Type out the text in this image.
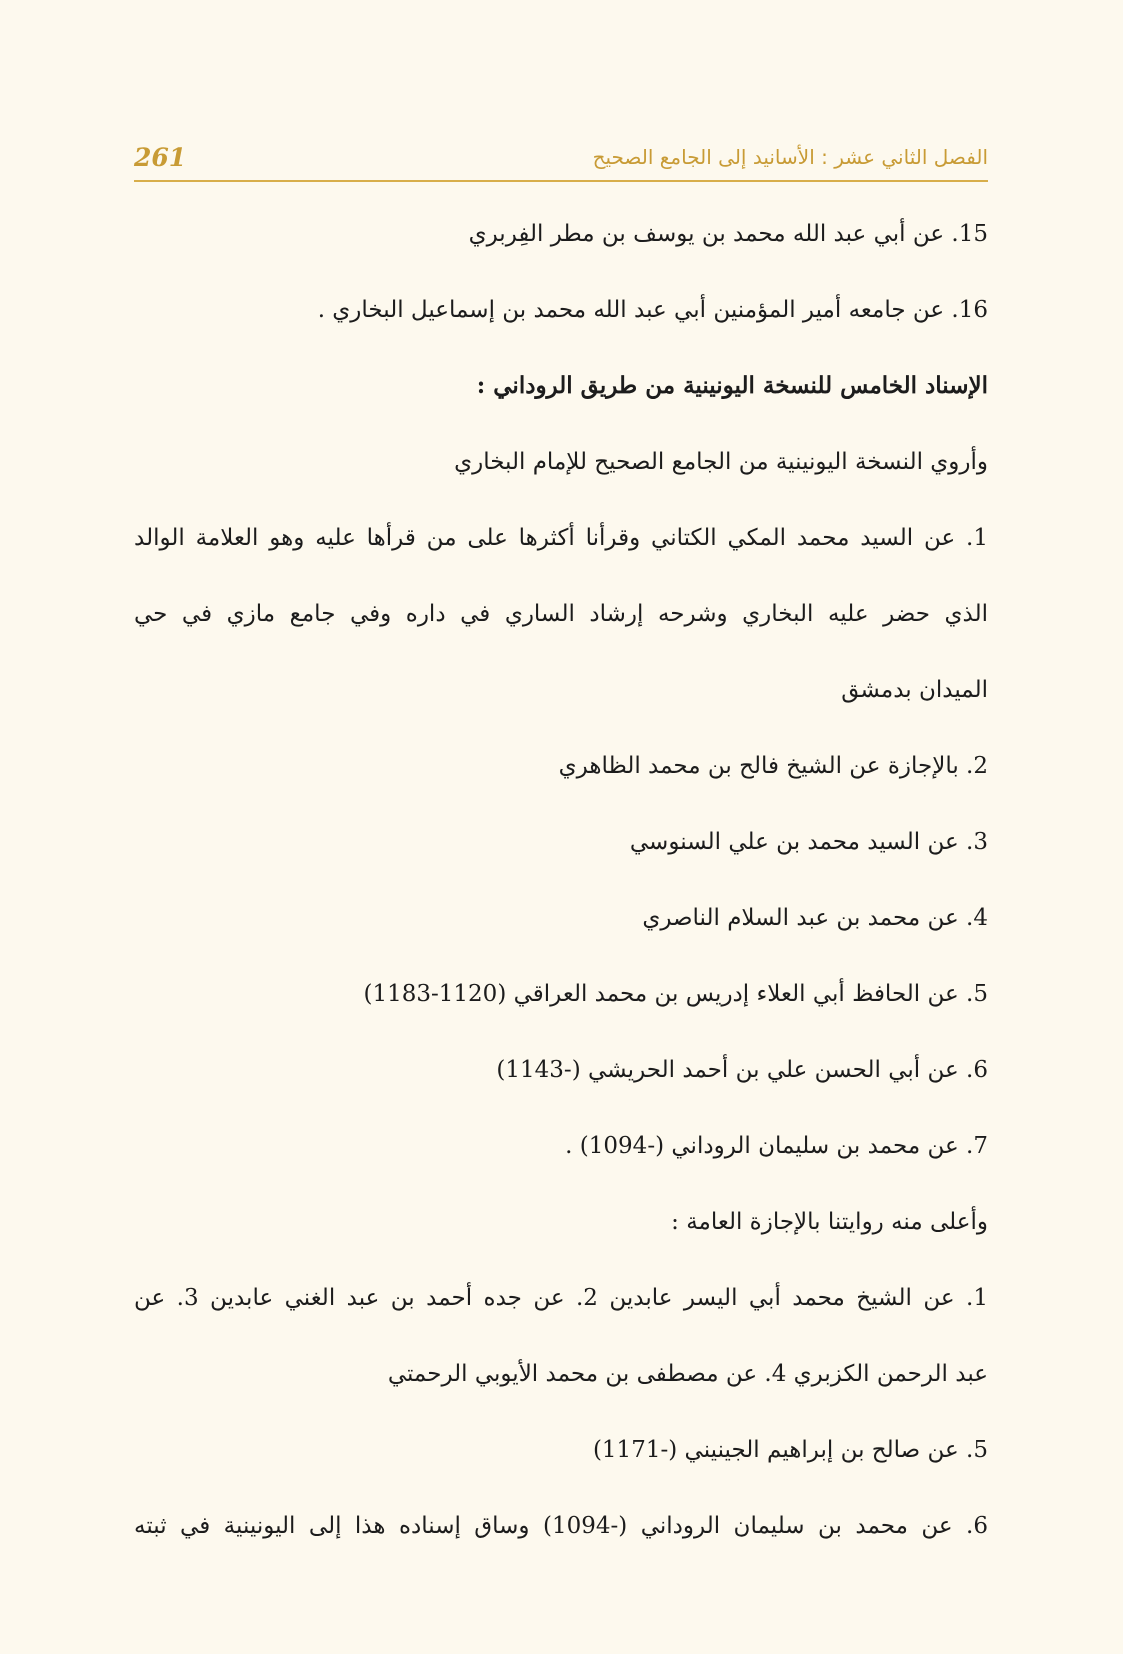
الفصل الثاني عشر : الأسانيد إلى الجامع الصحيح
261

15. عن أبي عبد الله محمد بن يوسف بن مطر الفِربري

16. عن جامعه أمير المؤمنين أبي عبد الله محمد بن إسماعيل البخاري .

الإسناد الخامس للنسخة اليونينية من طريق الروداني :

وأروي النسخة اليونينية من الجامع الصحيح للإمام البخاري

1. عن السيد محمد المكي الكتاني وقرأنا أكثرها على من قرأها عليه وهو العلامة الوالد

الذي حضر عليه البخاري وشرحه إرشاد الساري في داره وفي جامع مازي في حي

الميدان بدمشق

2. بالإجازة عن الشيخ فالح بن محمد الظاهري

3. عن السيد محمد بن علي السنوسي

4. عن محمد بن عبد السلام الناصري

5. عن الحافظ أبي العلاء إدريس بن محمد العراقي (1120-1183)

6. عن أبي الحسن علي بن أحمد الحريشي (-1143)

7. عن محمد بن سليمان الروداني (-1094) .

وأعلى منه روايتنا بالإجازة العامة :

1. عن الشيخ محمد أبي اليسر عابدين 2. عن جده أحمد بن عبد الغني عابدين 3. عن

عبد الرحمن الكزبري 4. عن مصطفى بن محمد الأيوبي الرحمتي

5. عن صالح بن إبراهيم الجينيني (-1171)

6. عن محمد بن سليمان الروداني (-1094) وساق إسناده هذا إلى اليونينية في ثبته
